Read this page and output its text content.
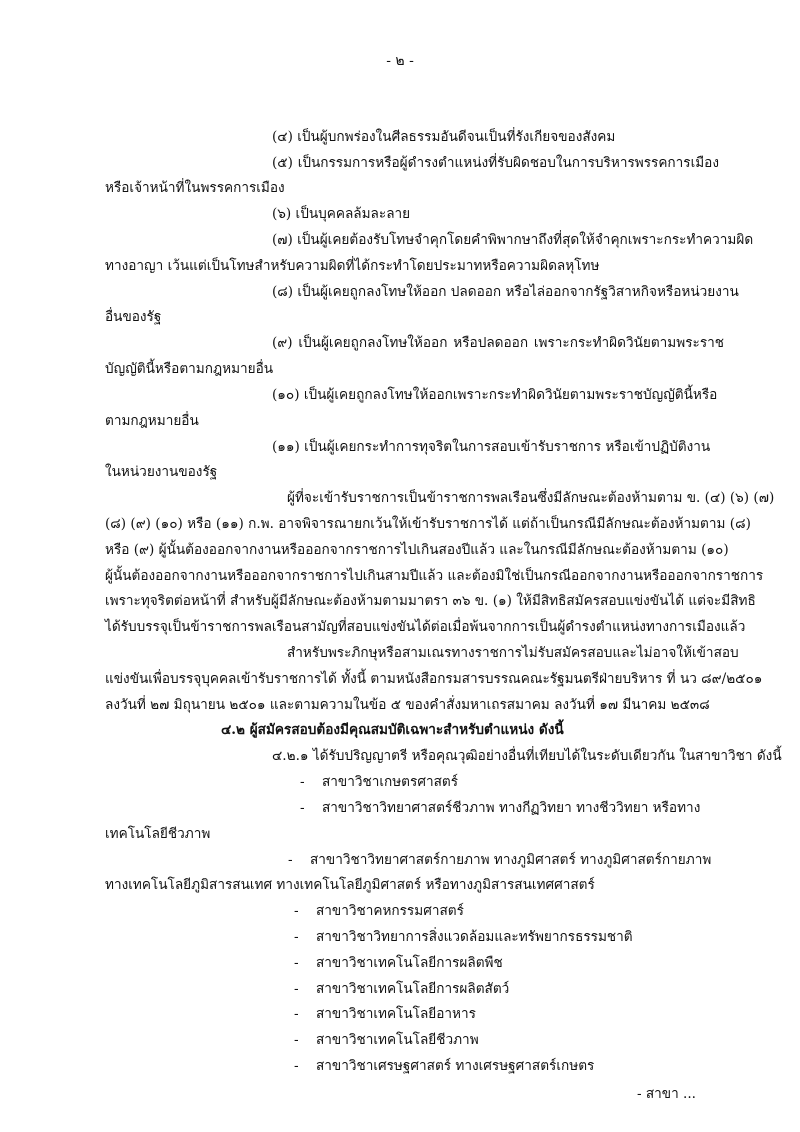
- ๒ -
(๔) เป็นผู้บกพร่องในศีลธรรมอันดีจนเป็นที่รังเกียจของสังคม
(๕) เป็นกรรมการหรือผู้ดำรงตำแหน่งที่รับผิดชอบในการบริหารพรรคการเมือง
หรือเจ้าหน้าที่ในพรรคการเมือง
(๖) เป็นบุคคลล้มละลาย
(๗) เป็นผู้เคยต้องรับโทษจำคุกโดยคำพิพากษาถึงที่สุดให้จำคุกเพราะกระทำความผิด
ทางอาญา เว้นแต่เป็นโทษสำหรับความผิดที่ได้กระทำโดยประมาทหรือความผิดลหุโทษ
(๘) เป็นผู้เคยถูกลงโทษให้ออก ปลดออก หรือไล่ออกจากรัฐวิสาหกิจหรือหน่วยงาน
อื่นของรัฐ
(๙) เป็นผู้เคยถูกลงโทษให้ออก หรือปลดออก เพราะกระทำผิดวินัยตามพระราช
บัญญัตินี้หรือตามกฎหมายอื่น
(๑๐) เป็นผู้เคยถูกลงโทษให้ออกเพราะกระทำผิดวินัยตามพระราชบัญญัตินี้หรือ
ตามกฎหมายอื่น
(๑๑) เป็นผู้เคยกระทำการทุจริตในการสอบเข้ารับราชการ หรือเข้าปฏิบัติงาน
ในหน่วยงานของรัฐ
ผู้ที่จะเข้ารับราชการเป็นข้าราชการพลเรือนซึ่งมีลักษณะต้องห้ามตาม ข. (๔) (๖) (๗)
(๘) (๙) (๑๐) หรือ (๑๑) ก.พ. อาจพิจารณายกเว้นให้เข้ารับราชการได้ แต่ถ้าเป็นกรณีมีลักษณะต้องห้ามตาม (๘)
หรือ (๙) ผู้นั้นต้องออกจากงานหรือออกจากราชการไปเกินสองปีแล้ว และในกรณีมีลักษณะต้องห้ามตาม (๑๐)
ผู้นั้นต้องออกจากงานหรือออกจากราชการไปเกินสามปีแล้ว และต้องมิใช่เป็นกรณีออกจากงานหรือออกจากราชการ
เพราะทุจริตต่อหน้าที่ สำหรับผู้มีลักษณะต้องห้ามตามมาตรา ๓๖ ข. (๑) ให้มีสิทธิสมัครสอบแข่งขันได้ แต่จะมีสิทธิ
ได้รับบรรจุเป็นข้าราชการพลเรือนสามัญที่สอบแข่งขันได้ต่อเมื่อพ้นจากการเป็นผู้ดำรงตำแหน่งทางการเมืองแล้ว
สำหรับพระภิกษุหรือสามเณรทางราชการไม่รับสมัครสอบและไม่อาจให้เข้าสอบ
แข่งขันเพื่อบรรจุบุคคลเข้ารับราชการได้ ทั้งนี้ ตามหนังสือกรมสารบรรณคณะรัฐมนตรีฝ่ายบริหาร ที่ นว ๘๙/๒๕๐๑
ลงวันที่ ๒๗ มิถุนายน ๒๕๐๑ และตามความในข้อ ๕ ของคำสั่งมหาเถรสมาคม ลงวันที่ ๑๗ มีนาคม ๒๕๓๘
๔.๒ ผู้สมัครสอบต้องมีคุณสมบัติเฉพาะสำหรับตำแหน่ง ดังนี้
๔.๒.๑ ได้รับปริญญาตรี หรือคุณวุฒิอย่างอื่นที่เทียบได้ในระดับเดียวกัน ในสาขาวิชา ดังนี้
- สาขาวิชาเกษตรศาสตร์
- สาขาวิชาวิทยาศาสตร์ชีวภาพ ทางกีฏวิทยา ทางชีววิทยา หรือทาง
เทคโนโลยีชีวภาพ
- สาขาวิชาวิทยาศาสตร์กายภาพ ทางภูมิศาสตร์ ทางภูมิศาสตร์กายภาพ
ทางเทคโนโลยีภูมิสารสนเทศ ทางเทคโนโลยีภูมิศาสตร์ หรือทางภูมิสารสนเทศศาสตร์
- สาขาวิชาคหกรรมศาสตร์
- สาขาวิชาวิทยาการสิ่งแวดล้อมและทรัพยากรธรรมชาติ
- สาขาวิชาเทคโนโลยีการผลิตพืช
- สาขาวิชาเทคโนโลยีการผลิตสัตว์
- สาขาวิชาเทคโนโลยีอาหาร
- สาขาวิชาเทคโนโลยีชีวภาพ
- สาขาวิชาเศรษฐศาสตร์ ทางเศรษฐศาสตร์เกษตร
- สาขา ...
